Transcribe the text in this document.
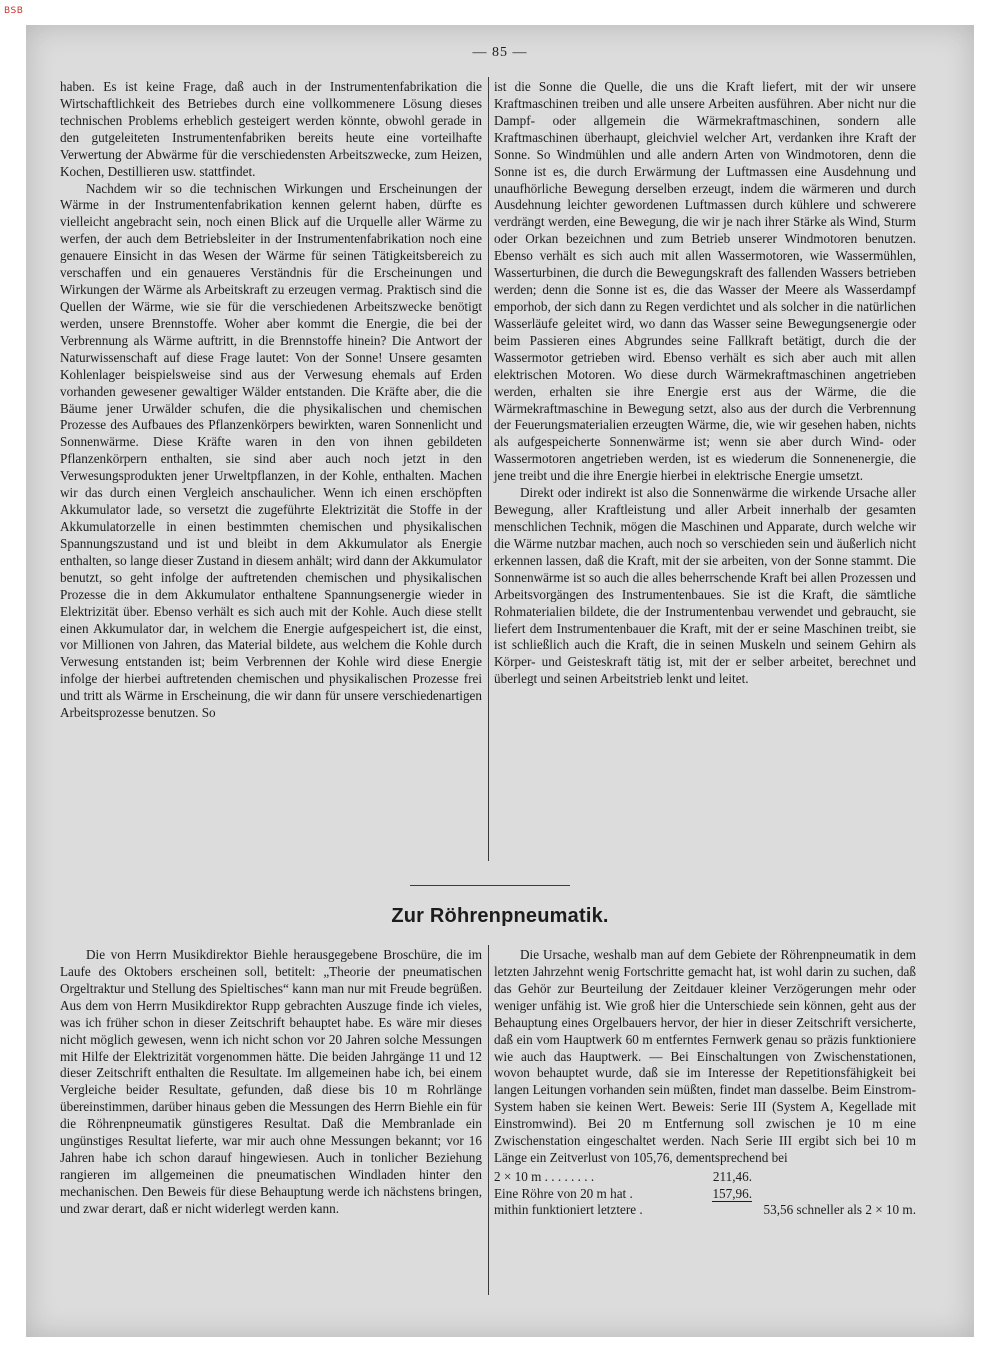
BSB
— 85 —

haben. Es ist keine Frage, daß auch in der Instrumentenfabrikation die Wirtschaftlichkeit des Betriebes durch eine vollkommenere Lösung dieses technischen Problems erheblich gesteigert werden könnte, obwohl gerade in den gutgeleiteten Instrumentenfabriken bereits heute eine vorteilhafte Verwertung der Abwärme für die verschiedensten Arbeitszwecke, zum Heizen, Kochen, Destillieren usw. stattfindet.

Nachdem wir so die technischen Wirkungen und Erscheinungen der Wärme in der Instrumentenfabrikation kennen gelernt haben, dürfte es vielleicht angebracht sein, noch einen Blick auf die Urquelle aller Wärme zu werfen, der auch dem Betriebsleiter in der Instrumentenfabrikation noch eine genauere Einsicht in das Wesen der Wärme für seinen Tätigkeitsbereich zu verschaffen und ein genaueres Verständnis für die Erscheinungen und Wirkungen der Wärme als Arbeitskraft zu erzeugen vermag. Praktisch sind die Quellen der Wärme, wie sie für die verschiedenen Arbeitszwecke benötigt werden, unsere Brennstoffe. Woher aber kommt die Energie, die bei der Verbrennung als Wärme auftritt, in die Brennstoffe hinein? Die Antwort der Naturwissenschaft auf diese Frage lautet: Von der Sonne! Unsere gesamten Kohlenlager beispielsweise sind aus der Verwesung ehemals auf Erden vorhanden gewesener gewaltiger Wälder entstanden. Die Kräfte aber, die die Bäume jener Urwälder schufen, die die physikalischen und chemischen Prozesse des Aufbaues des Pflanzenkörpers bewirkten, waren Sonnenlicht und Sonnenwärme. Diese Kräfte waren in den von ihnen gebildeten Pflanzenkörpern enthalten, sie sind aber auch noch jetzt in den Verwesungsprodukten jener Urweltpflanzen, in der Kohle, enthalten. Machen wir das durch einen Vergleich anschaulicher. Wenn ich einen erschöpften Akkumulator lade, so versetzt die zugeführte Elektrizität die Stoffe in der Akkumulatorzelle in einen bestimmten chemischen und physikalischen Spannungszustand und ist und bleibt in dem Akkumulator als Energie enthalten, so lange dieser Zustand in diesem anhält; wird dann der Akkumulator benutzt, so geht infolge der auftretenden chemischen und physikalischen Prozesse die in dem Akkumulator enthaltene Spannungsenergie wieder in Elektrizität über. Ebenso verhält es sich auch mit der Kohle. Auch diese stellt einen Akkumulator dar, in welchem die Energie aufgespeichert ist, die einst, vor Millionen von Jahren, das Material bildete, aus welchem die Kohle durch Verwesung entstanden ist; beim Verbrennen der Kohle wird diese Energie infolge der hierbei auftretenden chemischen und physikalischen Prozesse frei und tritt als Wärme in Erscheinung, die wir dann für unsere verschiedenartigen Arbeitsprozesse benutzen. So

ist die Sonne die Quelle, die uns die Kraft liefert, mit der wir unsere Kraftmaschinen treiben und alle unsere Arbeiten ausführen. Aber nicht nur die Dampf- oder allgemein die Wärmekraftmaschinen, sondern alle Kraftmaschinen überhaupt, gleichviel welcher Art, verdanken ihre Kraft der Sonne. So Windmühlen und alle andern Arten von Windmotoren, denn die Sonne ist es, die durch Erwärmung der Luftmassen eine Ausdehnung und unaufhörliche Bewegung derselben erzeugt, indem die wärmeren und durch Ausdehnung leichter gewordenen Luftmassen durch kühlere und schwerere verdrängt werden, eine Bewegung, die wir je nach ihrer Stärke als Wind, Sturm oder Orkan bezeichnen und zum Betrieb unserer Windmotoren benutzen. Ebenso verhält es sich auch mit allen Wassermotoren, wie Wassermühlen, Wasserturbinen, die durch die Bewegungskraft des fallenden Wassers betrieben werden; denn die Sonne ist es, die das Wasser der Meere als Wasserdampf emporhob, der sich dann zu Regen verdichtet und als solcher in die natürlichen Wasserläufe geleitet wird, wo dann das Wasser seine Bewegungsenergie oder beim Passieren eines Abgrundes seine Fallkraft betätigt, durch die der Wassermotor getrieben wird. Ebenso verhält es sich aber auch mit allen elektrischen Motoren. Wo diese durch Wärmekraftmaschinen angetrieben werden, erhalten sie ihre Energie erst aus der Wärme, die die Wärmekraftmaschine in Bewegung setzt, also aus der durch die Verbrennung der Feuerungsmaterialien erzeugten Wärme, die, wie wir gesehen haben, nichts als aufgespeicherte Sonnenwärme ist; wenn sie aber durch Wind- oder Wassermotoren angetrieben werden, ist es wiederum die Sonnenenergie, die jene treibt und die ihre Energie hierbei in elektrische Energie umsetzt.

Direkt oder indirekt ist also die Sonnenwärme die wirkende Ursache aller Bewegung, aller Kraftleistung und aller Arbeit innerhalb der gesamten menschlichen Technik, mögen die Maschinen und Apparate, durch welche wir die Wärme nutzbar machen, auch noch so verschieden sein und äußerlich nicht erkennen lassen, daß die Kraft, mit der sie arbeiten, von der Sonne stammt. Die Sonnenwärme ist so auch die alles beherrschende Kraft bei allen Prozessen und Arbeitsvorgängen des Instrumentenbaues. Sie ist die Kraft, die sämtliche Rohmaterialien bildete, die der Instrumentenbau verwendet und gebraucht, sie liefert dem Instrumentenbauer die Kraft, mit der er seine Maschinen treibt, sie ist schließlich auch die Kraft, die in seinen Muskeln und seinem Gehirn als Körper- und Geisteskraft tätig ist, mit der er selber arbeitet, berechnet und überlegt und seinen Arbeitstrieb lenkt und leitet.

Zur Röhrenpneumatik.

Die von Herrn Musikdirektor Biehle herausgegebene Broschüre, die im Laufe des Oktobers erscheinen soll, betitelt: „Theorie der pneumatischen Orgeltraktur und Stellung des Spieltisches“ kann man nur mit Freude begrüßen. Aus dem von Herrn Musikdirektor Rupp gebrachten Auszuge finde ich vieles, was ich früher schon in dieser Zeitschrift behauptet habe. Es wäre mir dieses nicht möglich gewesen, wenn ich nicht schon vor 20 Jahren solche Messungen mit Hilfe der Elektrizität vorgenommen hätte. Die beiden Jahrgänge 11 und 12 dieser Zeitschrift enthalten die Resultate. Im allgemeinen habe ich, bei einem Vergleiche beider Resultate, gefunden, daß diese bis 10 m Rohrlänge übereinstimmen, darüber hinaus geben die Messungen des Herrn Biehle ein für die Röhrenpneumatik günstigeres Resultat. Daß die Membranlade ein ungünstiges Resultat lieferte, war mir auch ohne Messungen bekannt; vor 16 Jahren habe ich schon darauf hingewiesen. Auch in tonlicher Beziehung rangieren im allgemeinen die pneumatischen Windladen hinter den mechanischen. Den Beweis für diese Behauptung werde ich nächstens bringen, und zwar derart, daß er nicht widerlegt werden kann.

Die Ursache, weshalb man auf dem Gebiete der Röhrenpneumatik in dem letzten Jahrzehnt wenig Fortschritte gemacht hat, ist wohl darin zu suchen, daß das Gehör zur Beurteilung der Zeitdauer kleiner Verzögerungen mehr oder weniger unfähig ist. Wie groß hier die Unterschiede sein können, geht aus der Behauptung eines Orgelbauers hervor, der hier in dieser Zeitschrift versicherte, daß ein vom Hauptwerk 60 m entferntes Fernwerk genau so präzis funktioniere wie auch das Hauptwerk. — Bei Einschaltungen von Zwischenstationen, wovon behauptet wurde, daß sie im Interesse der Repetitionsfähigkeit bei langen Leitungen vorhanden sein müßten, findet man dasselbe. Beim Einstrom-System haben sie keinen Wert. Beweis: Serie III (System A, Kegellade mit Einstromwind). Bei 20 m Entfernung soll zwischen je 10 m eine Zwischenstation eingeschaltet werden. Nach Serie III ergibt sich bei 10 m Länge ein Zeitverlust von 105,76, dementsprechend bei

2 × 10 m . . . . . . . .	211,46.
Eine Röhre von 20 m hat .	157,96.
mithin funktioniert letztere .	53,56 schneller als 2 × 10 m.
